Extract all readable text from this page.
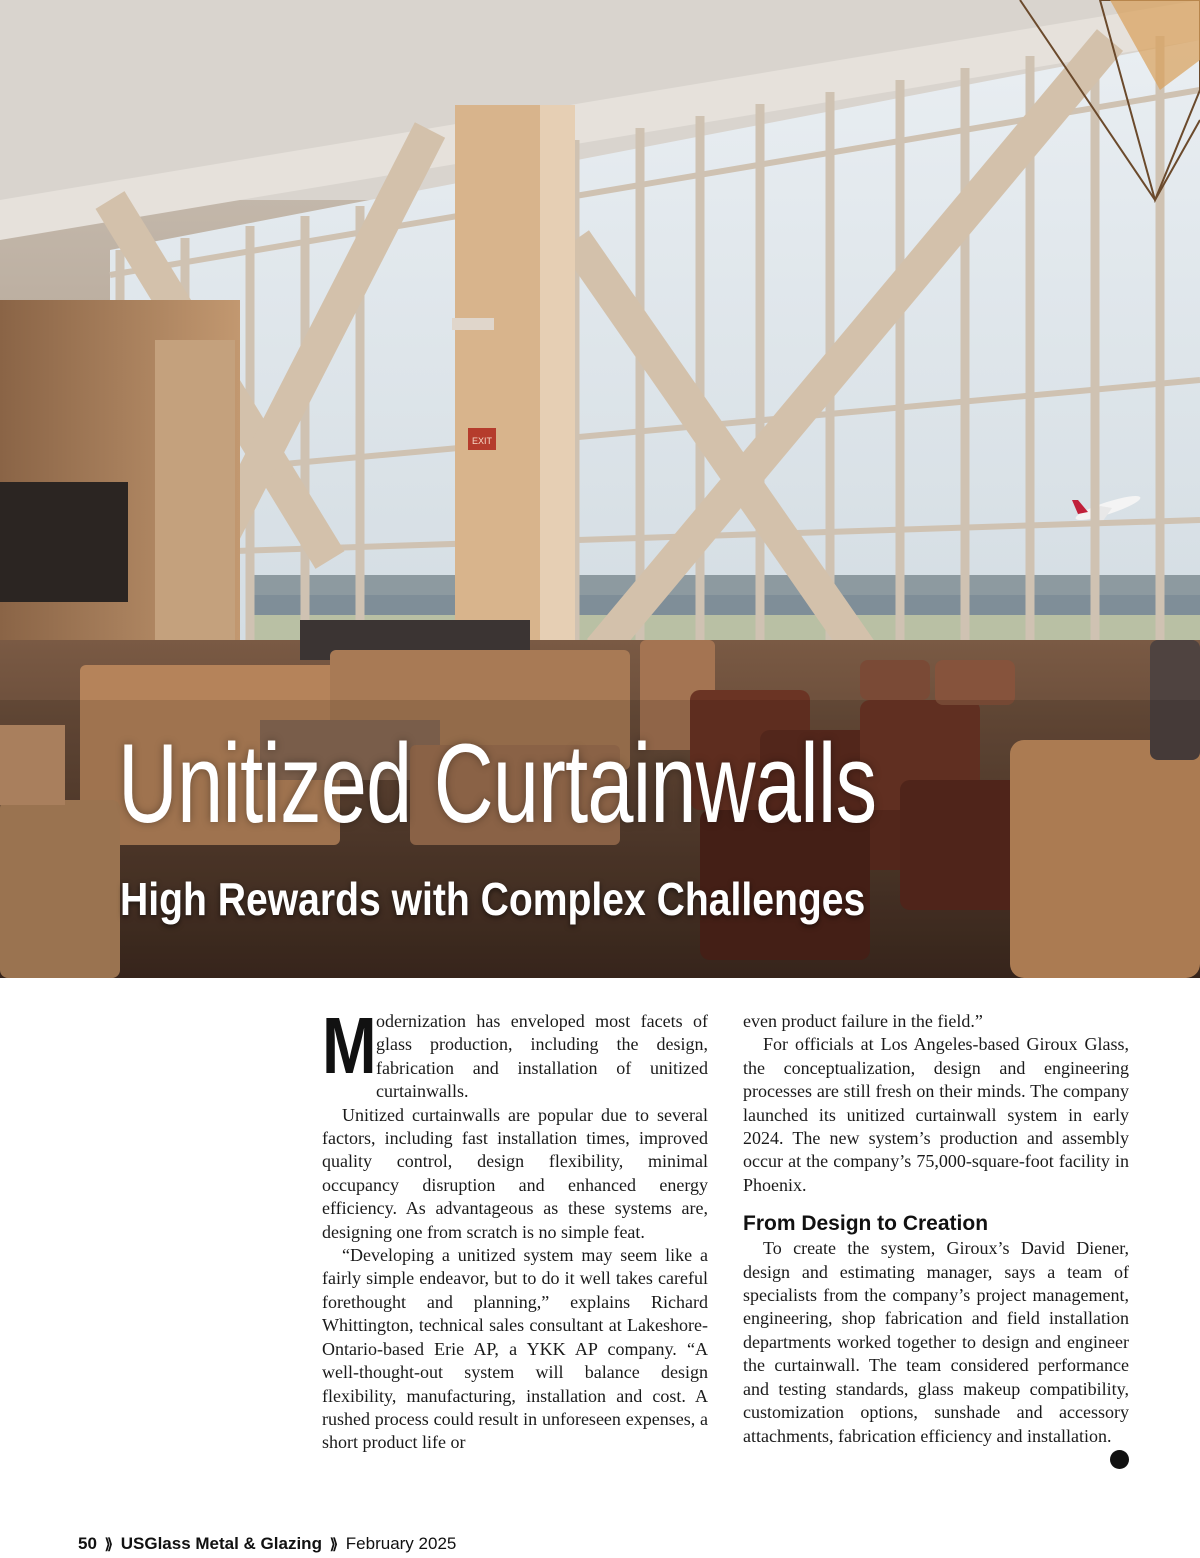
EXIT
Unitized Curtainwalls
High Rewards with Complex Challenges

Modernization has enveloped most facets of glass production, including the design, fabrication and installation of unitized curtainwalls.

Unitized curtainwalls are popular due to several factors, including fast installation times, improved quality control, design flexibility, minimal occupancy disruption and enhanced energy efficiency. As advantageous as these systems are, designing one from scratch is no simple feat.

“Developing a unitized system may seem like a fairly simple endeavor, but to do it well takes careful forethought and planning,” explains Richard Whittington, technical sales consultant at Lakeshore-Ontario-based Erie AP, a YKK AP company. “A well-thought-out system will balance design flexibility, manufacturing, installation and cost. A rushed process could result in unforeseen expenses, a short product life or

even product failure in the field.”

For officials at Los Angeles-based Giroux Glass, the conceptualization, design and engineering processes are still fresh on their minds. The company launched its unitized curtainwall system in early 2024. The new system’s production and assembly occur at the company’s 75,000-square-foot facility in Phoenix.

From Design to Creation

To create the system, Giroux’s David Diener, design and estimating manager, says a team of specialists from the company’s project management, engineering, shop fabrication and field installation departments worked together to design and engineer the curtainwall. The team considered performance and testing standards, glass makeup compatibility, customization options, sunshade and accessory attachments, fabrication efficiency and installation.
➜

50 ⟫ USGlass Metal & Glazing ⟫ February 2025
